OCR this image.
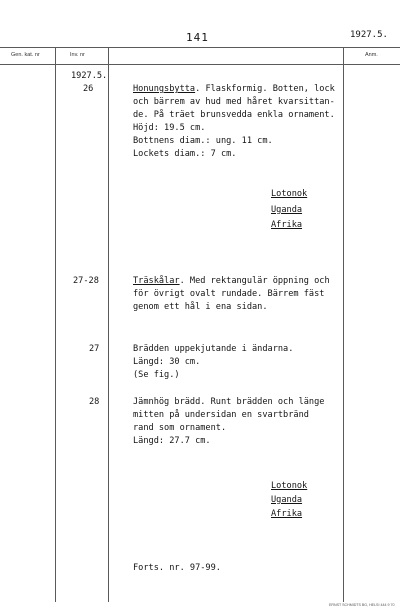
141	1927.5.
Gen. kat. nr	Inv. nr	Anm.
1927.5.
26	Honungsbytta. Flaskformig. Botten, lock
och bärrem av hud med håret kvarsittan-
de. På träet brunsvedda enkla ornament.
Höjd: 19.5 cm.
Bottnens diam.: ung. 11 cm.
Lockets diam.: 7 cm.
Lotonok
Uganda
Afrika
27-28	Träskålar. Med rektangulär öppning och
för övrigt ovalt rundade. Bärrem fäst
genom ett hål i ena sidan.
27	Bräddеn uppekjutande i ändarna.
Längd: 30 cm.
(Se fig.)
28	Jämnhög brädd. Runt brädden och länge
mitten på undersidan en svartbränd
rand som ornament.
Längd: 27.7 cm.
Lotonok
Uganda
Afrika
Forts. nr. 97-99.
ERNST SCHMIDTS BG, HELSI 444 9 70
